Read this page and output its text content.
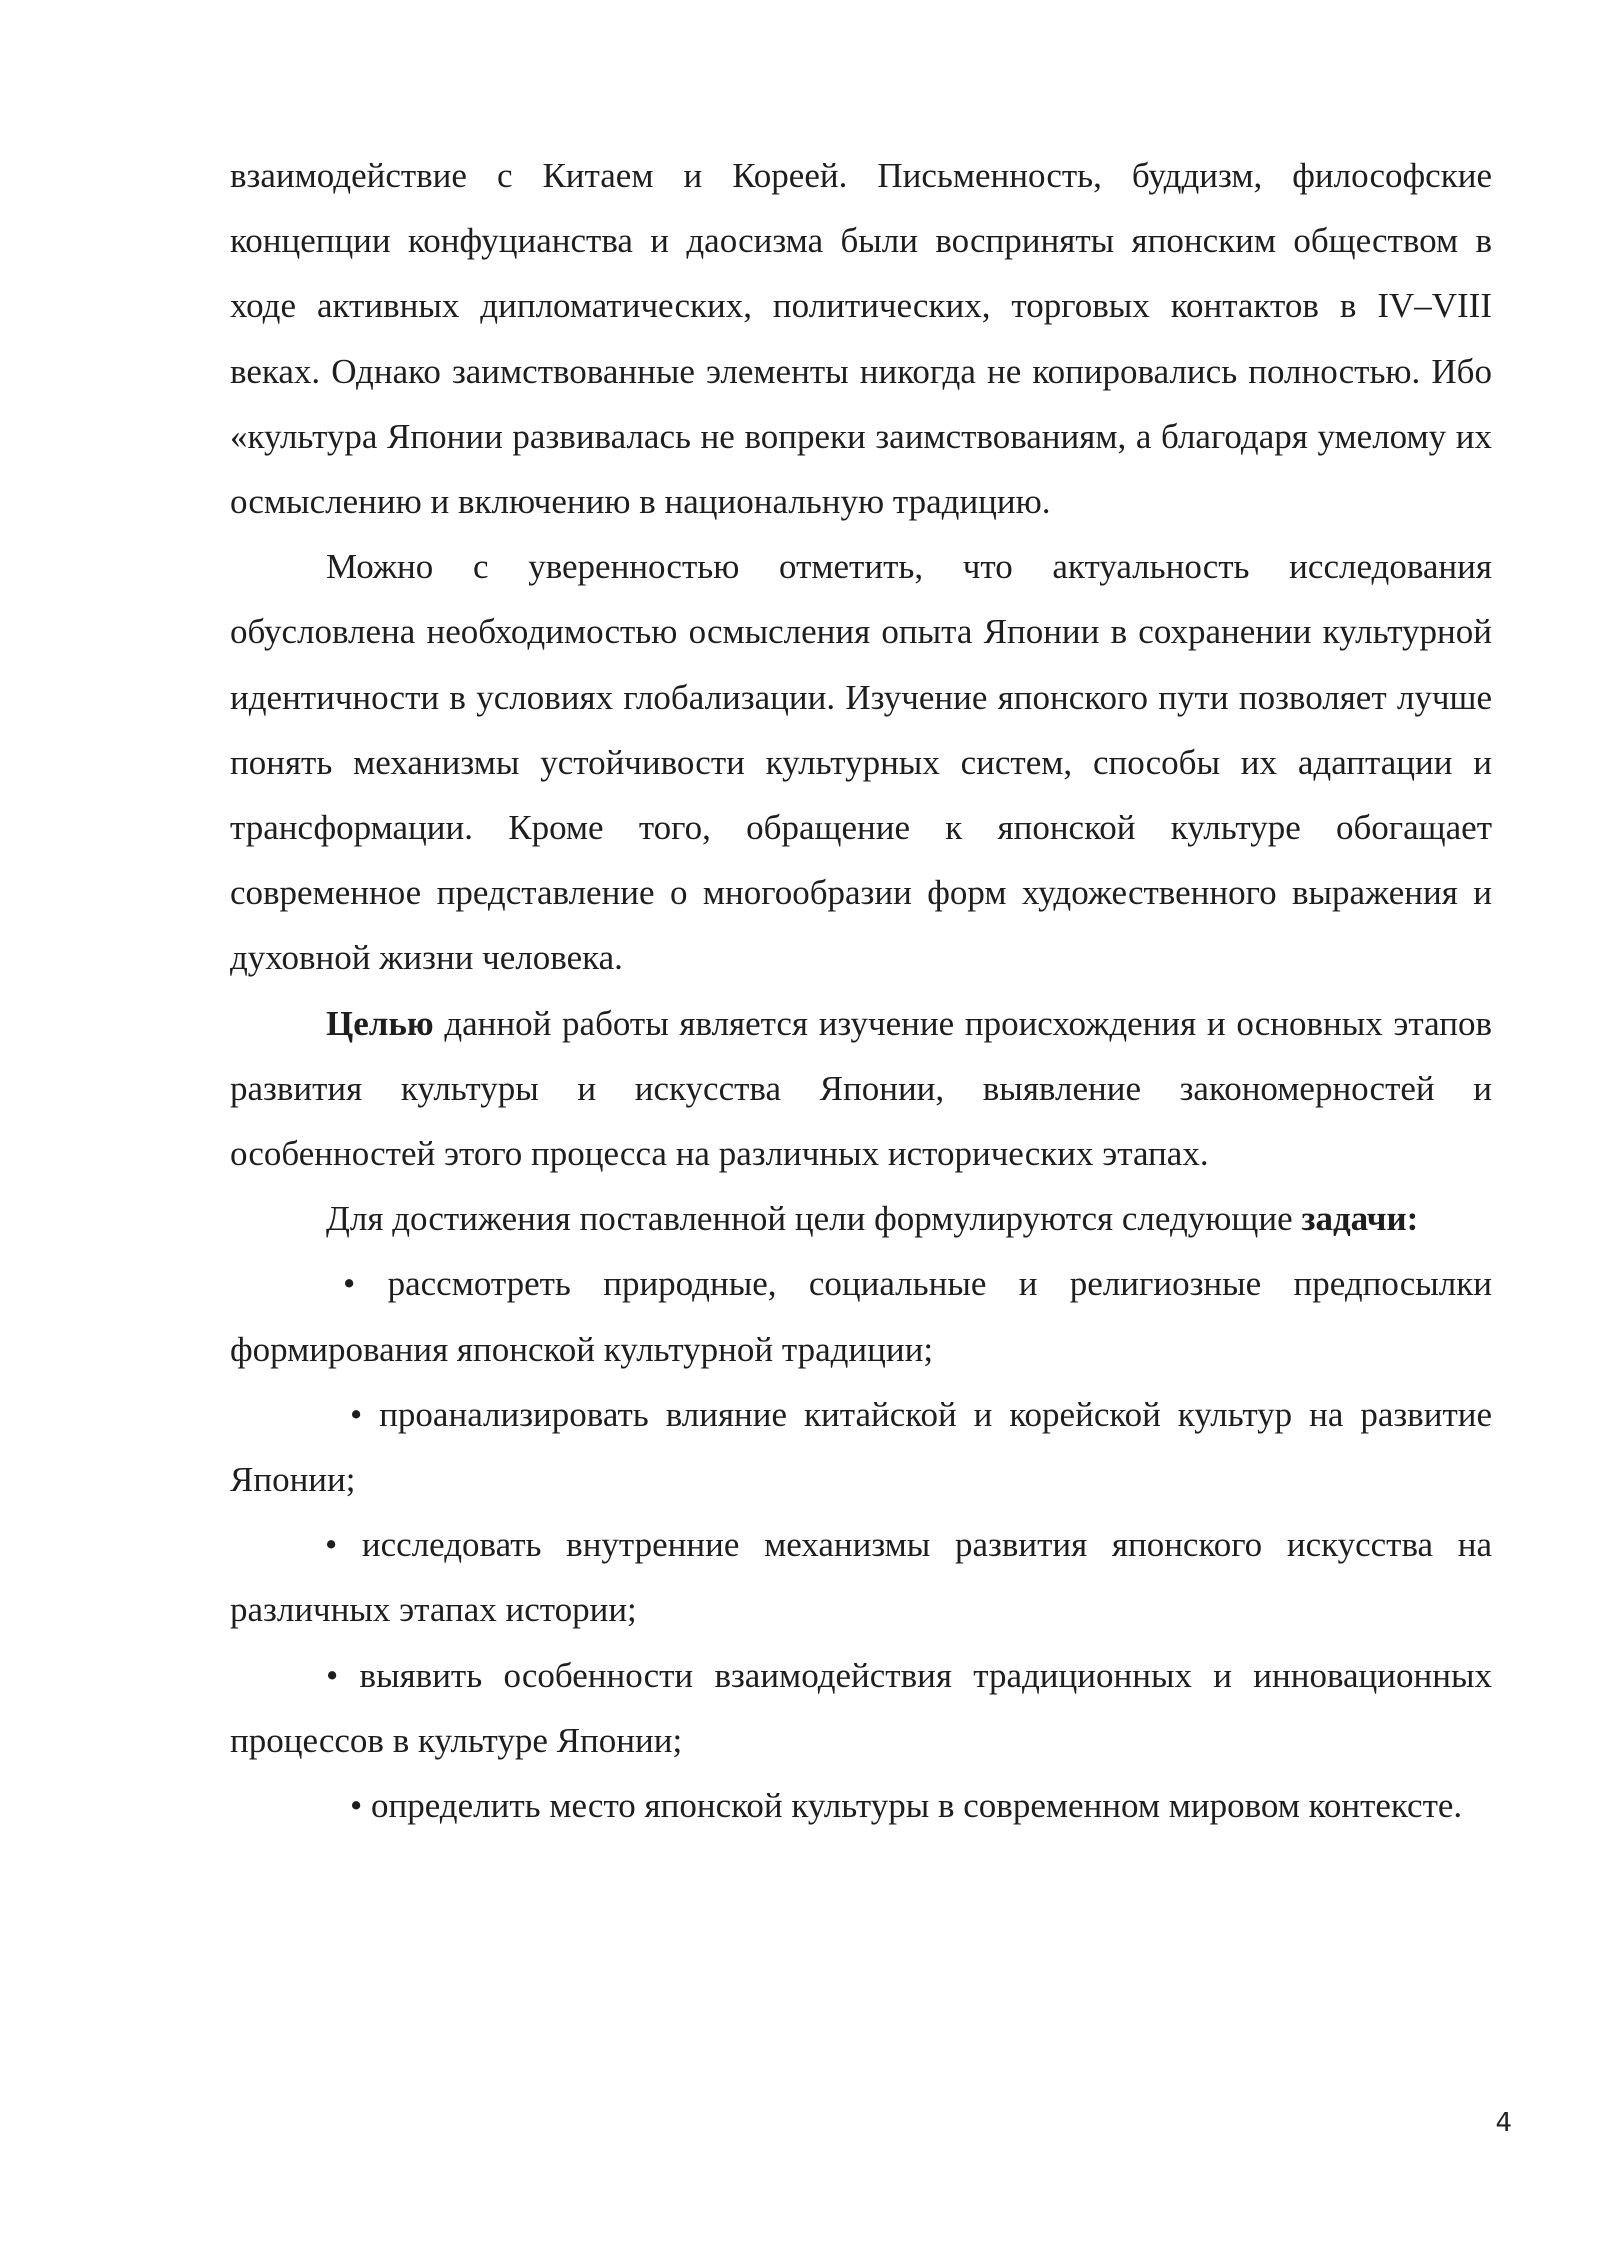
взаимодействие с Китаем и Кореей. Письменность, буддизм, философские концепции конфуцианства и даосизма были восприняты японским обществом в ходе активных дипломатических, политических, торговых контактов в IV–VIII веках. Однако заимствованные элементы никогда не копировались полностью. Ибо «культура Японии развивалась не вопреки заимствованиям, а благодаря умелому их осмыслению и включению в национальную традицию.

Можно с уверенностью отметить, что актуальность исследования обусловлена необходимостью осмысления опыта Японии в сохранении культурной идентичности в условиях глобализации. Изучение японского пути позволяет лучше понять механизмы устойчивости культурных систем, способы их адаптации и трансформации. Кроме того, обращение к японской культуре обогащает современное представление о многообразии форм художественного выражения и духовной жизни человека.

Целью данной работы является изучение происхождения и основных этапов развития культуры и искусства Японии, выявление закономерностей и особенностей этого процесса на различных исторических этапах.

Для достижения поставленной цели формулируются следующие задачи:

• рассмотреть природные, социальные и религиозные предпосылки формирования японской культурной традиции;

• проанализировать влияние китайской и корейской культур на развитие Японии;

• исследовать внутренние механизмы развития японского искусства на различных этапах истории;

• выявить особенности взаимодействия традиционных и инновационных процессов в культуре Японии;

• определить место японской культуры в современном мировом контексте.

4
